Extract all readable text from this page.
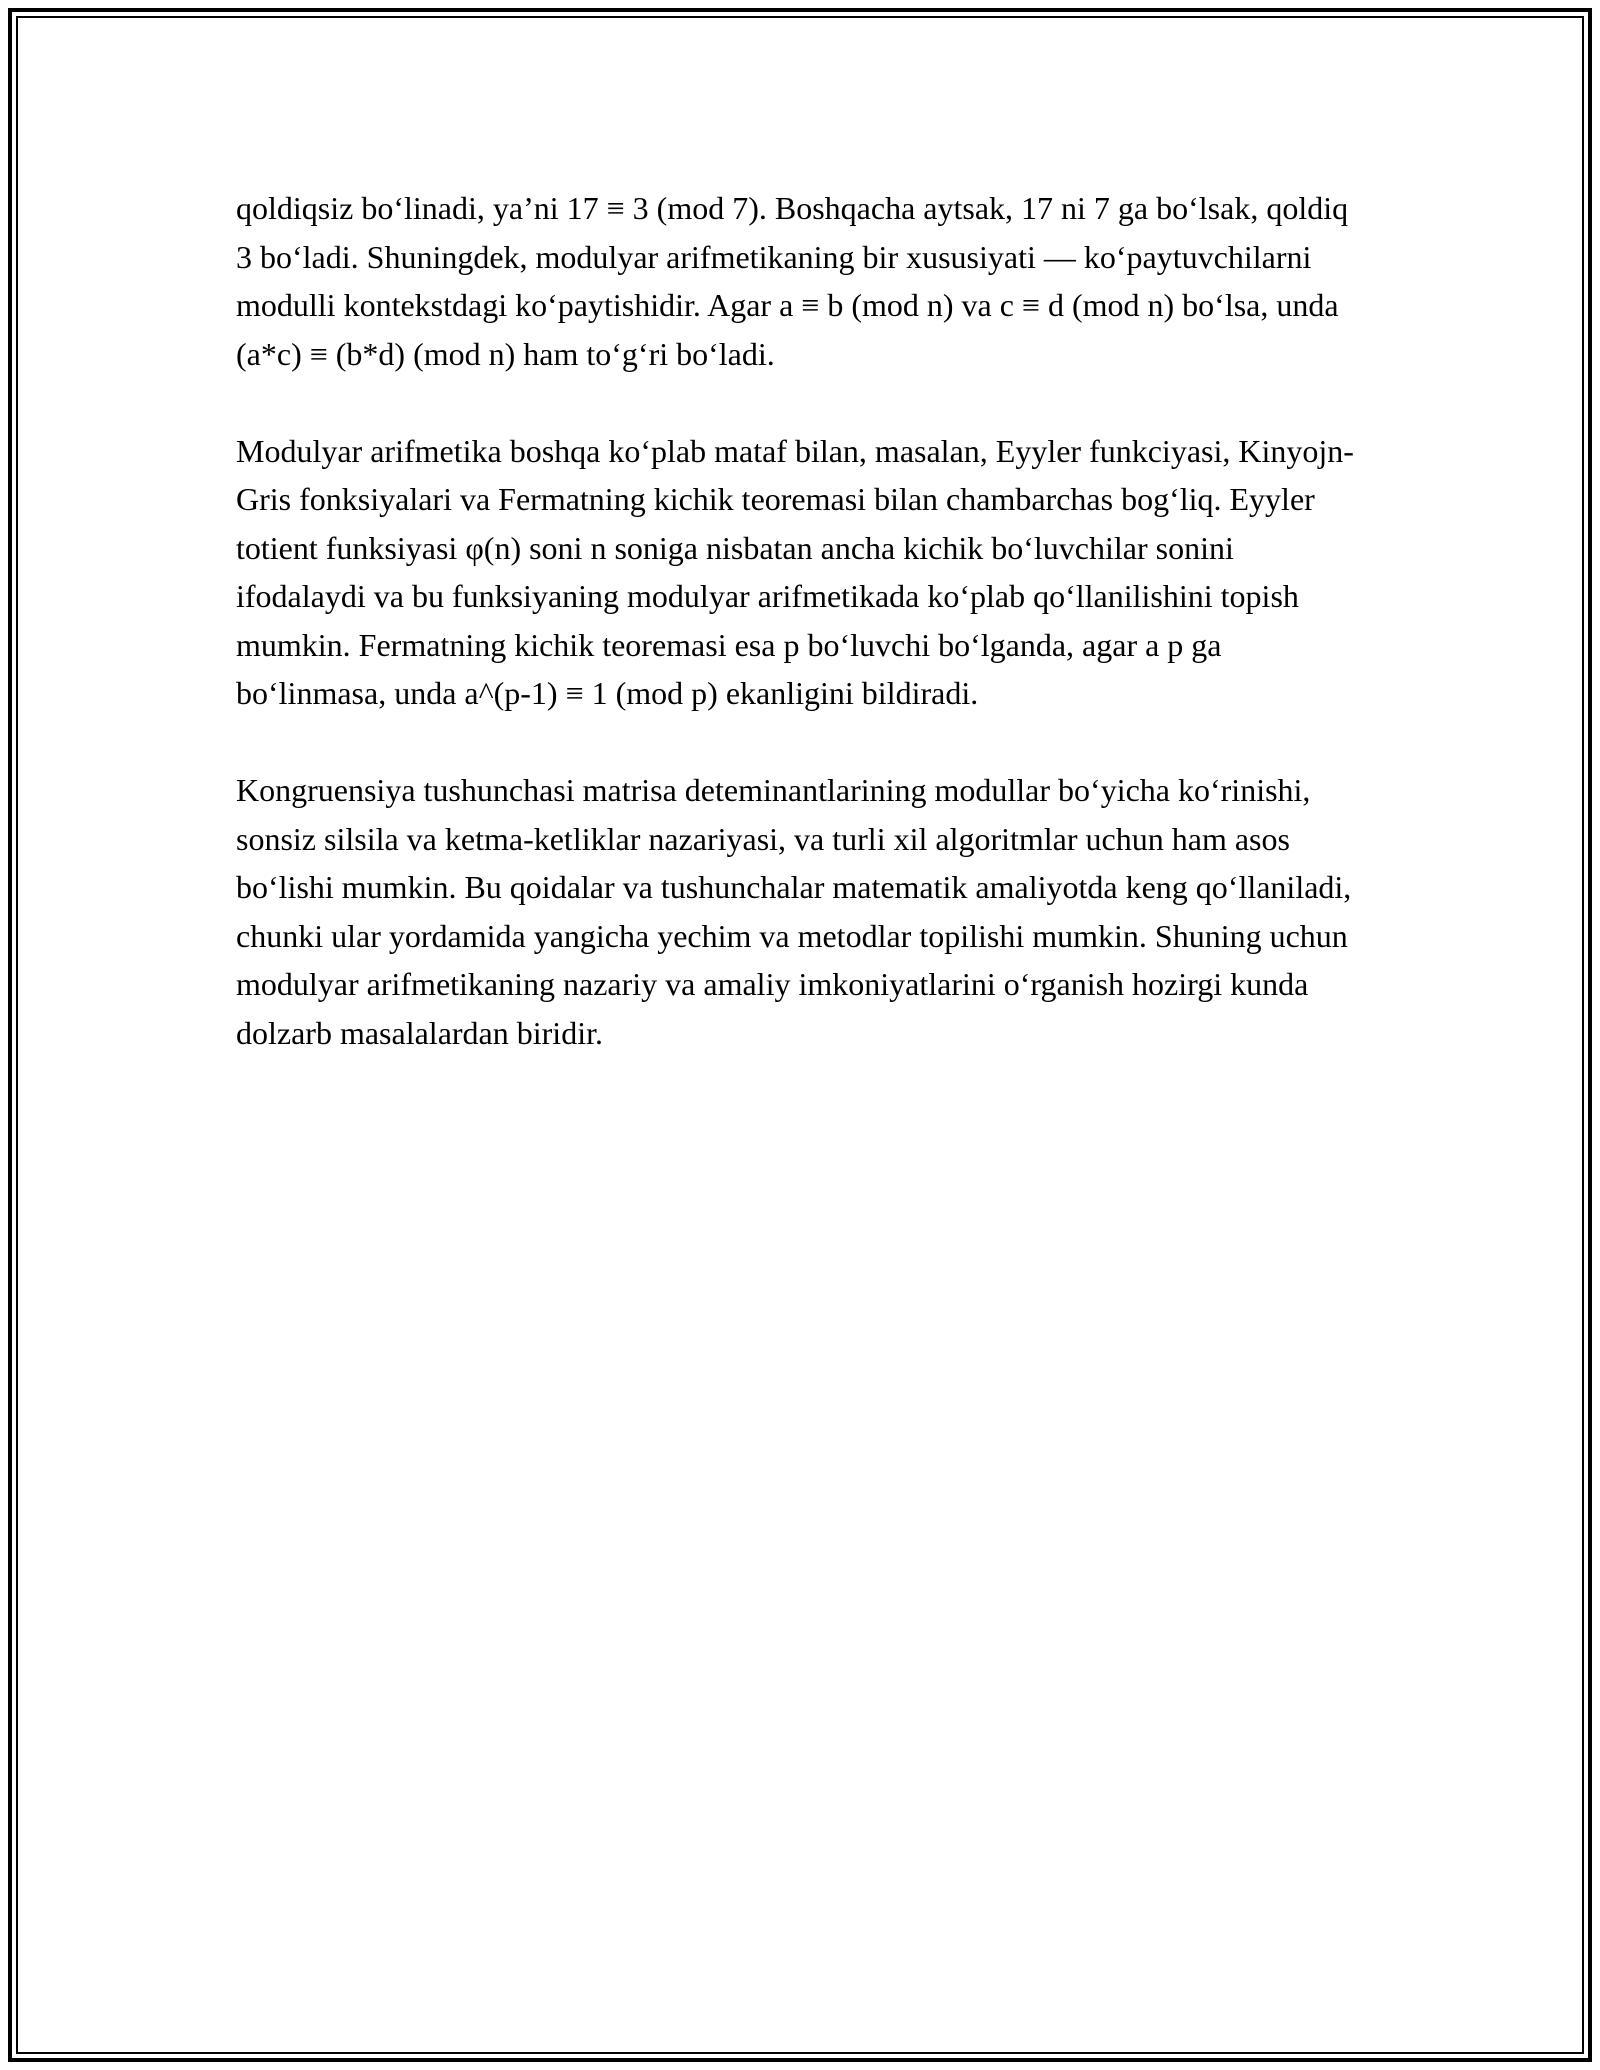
qoldiqsiz bo‘linadi, ya’ni 17 ≡ 3 (mod 7). Boshqacha aytsak, 17 ni 7 ga bo‘lsak, qoldiq 3 bo‘ladi. Shuningdek, modulyar arifmetikaning bir xususiyati — ko‘paytuvchilarni modulli kontekstdagi ko‘paytishidir. Agar a ≡ b (mod n) va c ≡ d (mod n) bo‘lsa, unda (a*c) ≡ (b*d) (mod n) ham to‘g‘ri bo‘ladi.

Modulyar arifmetika boshqa ko‘plab mataf bilan, masalan, Eyyler funkciyasi, Kinyojn-Gris fonksiyalari va Fermatning kichik teoremasi bilan chambarchas bog‘liq. Eyyler totient funksiyasi φ(n) soni n soniga nisbatan ancha kichik bo‘luvchilar sonini ifodalaydi va bu funksiyaning modulyar arifmetikada ko‘plab qo‘llanilishini topish mumkin. Fermatning kichik teoremasi esa p bo‘luvchi bo‘lganda, agar a p ga bo‘linmasa, unda a^(p-1) ≡ 1 (mod p) ekanligini bildiradi.

Kongruensiya tushunchasi matrisa deteminantlarining modullar bo‘yicha ko‘rinishi, sonsiz silsila va ketma-ketliklar nazariyasi, va turli xil algoritmlar uchun ham asos bo‘lishi mumkin. Bu qoidalar va tushunchalar matematik amaliyotda keng qo‘llaniladi, chunki ular yordamida yangicha yechim va metodlar topilishi mumkin. Shuning uchun modulyar arifmetikaning nazariy va amaliy imkoniyatlarini o‘rganish hozirgi kunda dolzarb masalalardan biridir.
